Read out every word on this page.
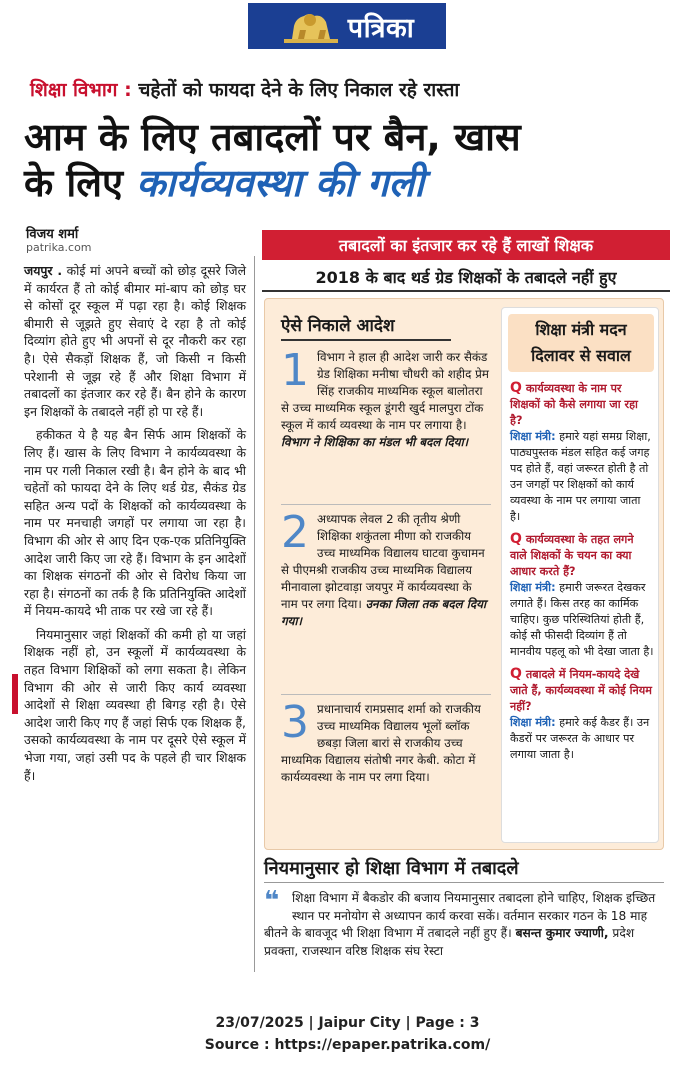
पत्रिका
शिक्षा विभाग : चहेतों को फायदा देने के लिए निकाल रहे रास्ता
आम के लिए तबादलों पर बैन, खास
के लिए कार्यव्यवस्था की गली
विजय शर्मा
patrika.com	तबादलों का इंतजार कर रहे हैं लाखों शिक्षक
2018 के बाद थर्ड ग्रेड शिक्षकों के तबादले नहीं हुए

जयपुर . कोई मां अपने बच्चों को छोड़ दूसरे जिले में कार्यरत हैं तो कोई बीमार मां-बाप को छोड़ घर से कोसों दूर स्कूल में पढ़ा रहा है। कोई शिक्षक बीमारी से जूझते हुए सेवाएं दे रहा है तो कोई दिव्यांग होते हुए भी अपनों से दूर नौकरी कर रहा है। ऐसे सैकड़ों शिक्षक हैं, जो किसी न किसी परेशानी से जूझ रहे हैं और शिक्षा विभाग में तबादलों का इंतजार कर रहे हैं। बैन होने के कारण इन शिक्षकों के तबादले नहीं हो पा रहे हैं।

हकीकत ये है यह बैन सिर्फ आम शिक्षकों के लिए हैं। खास के लिए विभाग ने कार्यव्यवस्था के नाम पर गली निकाल रखी है। बैन होने के बाद भी चहेतों को फायदा देने के लिए थर्ड ग्रेड, सैकंड ग्रेड सहित अन्य पदों के शिक्षकों को कार्यव्यवस्था के नाम पर मनचाही जगहों पर लगाया जा रहा है। विभाग की ओर से आए दिन एक-एक प्रतिनियुक्ति आदेश जारी किए जा रहे हैं। विभाग के इन आदेशों का शिक्षक संगठनों की ओर से विरोध किया जा रहा है। संगठनों का तर्क है कि प्रतिनियुक्ति आदेशों में नियम-कायदे भी ताक पर रखे जा रहे हैं।

नियमानुसार जहां शिक्षकों की कमी हो या जहां शिक्षक नहीं हो, उन स्कूलों में कार्यव्यवस्था के तहत विभाग शिक्षिकों को लगा सकता है। लेकिन विभाग की ओर से जारी किए कार्य व्यवस्था आदेशों से शिक्षा व्यवस्था ही बिगड़ रही है। ऐसे आदेश जारी किए गए हैं जहां सिर्फ एक शिक्षक हैं, उसको कार्यव्यवस्था के नाम पर दूसरे ऐसे स्कूल में भेजा गया, जहां उसी पद के पहले ही चार शिक्षक हैं।

ऐसे निकाले आदेश
1 विभाग ने हाल ही आदेश जारी कर सैकंड ग्रेड शिक्षिका मनीषा चौधरी को शहीद प्रेम सिंह राजकीय माध्यमिक स्कूल बालोतरा से उच्च माध्यमिक स्कूल डूंगरी खुर्द मालपुरा टोंक स्कूल में कार्य व्यवस्था के नाम पर लगाया है। विभाग ने शिक्षिका का मंडल भी बदल दिया।
2 अध्यापक लेवल 2 की तृतीय श्रेणी शिक्षिका शकुंतला मीणा को राजकीय उच्च माध्यमिक विद्यालय घाटवा कुचामन से पीएमश्री राजकीय उच्च माध्यमिक विद्यालय मीनावाला झोटवाड़ा जयपुर में कार्यव्यवस्था के नाम पर लगा दिया। उनका जिला तक बदल दिया गया।
3 प्रधानाचार्य रामप्रसाद शर्मा को राजकीय उच्च माध्यमिक विद्यालय भूलों ब्लॉक छबड़ा जिला बारां से राजकीय उच्च माध्यमिक विद्यालय संतोषी नगर केबी. कोटा में कार्यव्यवस्था के नाम पर लगा दिया।
शिक्षा मंत्री मदन
दिलावर से सवाल
Q कार्यव्यवस्था के नाम पर शिक्षकों को कैसे लगाया जा रहा है?
शिक्षा मंत्री: हमारे यहां समग्र शिक्षा, पाठ्यपुस्तक मंडल सहित कई जगह पद होते हैं, वहां जरूरत होती है तो उन जगहों पर शिक्षकों को कार्य व्यवस्था के नाम पर लगाया जाता है।
Q कार्यव्यवस्था के तहत लगने वाले शिक्षकों के चयन का क्या आधार करते हैं?
शिक्षा मंत्री: हमारी जरूरत देखकर लगाते हैं। किस तरह का कार्मिक चाहिए। कुछ परिस्थितियां होती हैं, कोई सौ फीसदी दिव्यांग हैं तो मानवीय पहलू को भी देखा जाता है।
Q तबादले में नियम-कायदे देखे जाते हैं, कार्यव्यवस्था में कोई नियम नहीं?
शिक्षा मंत्री: हमारे कई कैडर हैं। उन कैडरों पर जरूरत के आधार पर लगाया जाता है।
नियमानुसार हो शिक्षा विभाग में तबादले
❝	शिक्षा विभाग में बैकडोर की बजाय नियमानुसार तबादला होने चाहिए, शिक्षक इच्छित स्थान पर मनोयोग से अध्यापन कार्य करवा सकें। वर्तमान सरकार गठन के 18 माह बीतने के बावजूद भी शिक्षा विभाग में तबादले नहीं हुए हैं। बसन्त कुमार ज्याणी, प्रदेश प्रवक्ता, राजस्थान वरिष्ठ शिक्षक संघ रेस्टा
23/07/2025 | Jaipur City | Page : 3
Source : https://epaper.patrika.com/
